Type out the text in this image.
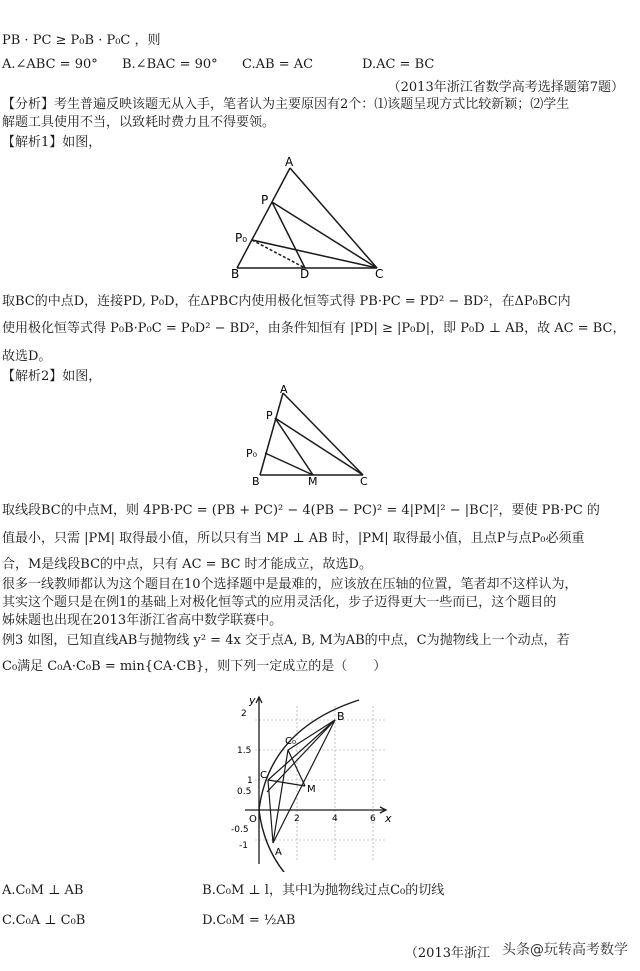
PB · PC ≥ P₀B · P₀C ，则
A.∠ABC = 90°	B.∠BAC = 90°	C.AB = AC	D.AC = BC
（2013年浙江省数学高考选择题第7题）
【分析】考生普遍反映该题无从入手，笔者认为主要原因有2个：⑴该题呈现方式比较新颖；⑵学生
解题工具使用不当，以致耗时费力且不得要领。
【解析1】如图，
A
P
P₀
B	D	C
取BC的中点D，连接PD, P₀D，在ΔPBC内使用极化恒等式得 PB·PC = PD² − BD²，在ΔP₀BC内
使用极化恒等式得 P₀B·P₀C = P₀D² − BD²，由条件知恒有 |PD| ≥ |P₀D|，即 P₀D ⊥ AB，故 AC = BC，
故选D。
【解析2】如图，
A
P
P₀
B	M	C
取线段BC的中点M，则 4PB·PC = (PB + PC)² − 4(PB − PC)² = 4|PM|² − |BC|²，要使 PB·PC 的
值最小，只需 |PM| 取得最小值，所以只有当 MP ⊥ AB 时，|PM| 取得最小值，且点P与点P₀必须重
合，M是线段BC的中点，只有 AC = BC 时才能成立，故选D。
很多一线教师都认为这个题目在10个选择题中是最难的，应该放在压轴的位置，笔者却不这样认为，
其实这个题只是在例1的基础上对极化恒等式的应用灵活化，步子迈得更大一些而已，这个题目的
姊妹题也出现在2013年浙江省高中数学联赛中。
例3 如图，已知直线AB与抛物线 y² = 4x 交于点A, B, M为AB的中点，C为抛物线上一个动点，若
C₀满足 C₀A·C₀B = min{CA·CB}，则下列一定成立的是（　　）
2
1.5
1
0.5
-0.5
-1
2	4	6
y
x
O
B
C₀
C
M
A
A.C₀M ⊥ AB	B.C₀M ⊥ l，其中l为抛物线过点C₀的切线
C.C₀A ⊥ C₀B	D.C₀M = ½AB
（2013年浙江 头条@玩转高考数学
